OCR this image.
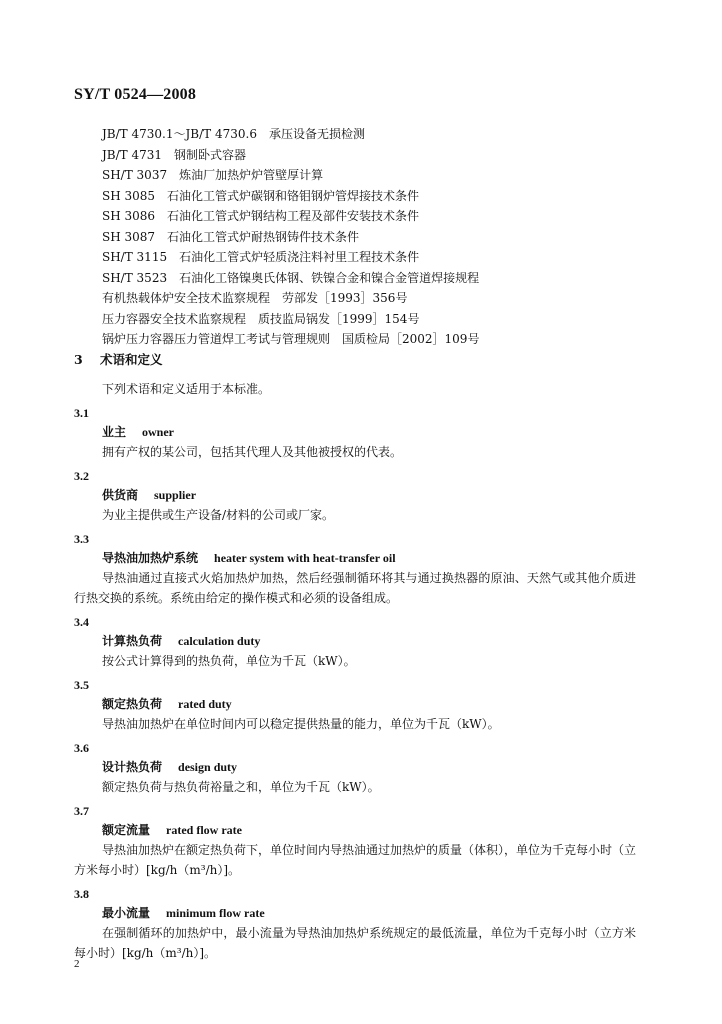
SY/T 0524—2008
JB/T 4730.1～JB/T 4730.6　承压设备无损检测
JB/T 4731　钢制卧式容器
SH/T 3037　炼油厂加热炉炉管壁厚计算
SH 3085　石油化工管式炉碳钢和铬钼钢炉管焊接技术条件
SH 3086　石油化工管式炉钢结构工程及部件安装技术条件
SH 3087　石油化工管式炉耐热钢铸件技术条件
SH/T 3115　石油化工管式炉轻质浇注料衬里工程技术条件
SH/T 3523　石油化工铬镍奥氏体钢、铁镍合金和镍合金管道焊接规程
有机热载体炉安全技术监察规程　劳部发［1993］356号
压力容器安全技术监察规程　质技监局锅发［1999］154号
锅炉压力容器压力管道焊工考试与管理规则　国质检局［2002］109号
3 术语和定义
下列术语和定义适用于本标准。
3.1
业主 owner
拥有产权的某公司，包括其代理人及其他被授权的代表。
3.2
供货商 supplier
为业主提供或生产设备/材料的公司或厂家。
3.3
导热油加热炉系统 heater system with heat-transfer oil
导热油通过直接式火焰加热炉加热，然后经强制循环将其与通过换热器的原油、天然气或其他介质进行热交换的系统。系统由给定的操作模式和必须的设备组成。
3.4
计算热负荷 calculation duty
按公式计算得到的热负荷，单位为千瓦（kW）。
3.5
额定热负荷 rated duty
导热油加热炉在单位时间内可以稳定提供热量的能力，单位为千瓦（kW）。
3.6
设计热负荷 design duty
额定热负荷与热负荷裕量之和，单位为千瓦（kW）。
3.7
额定流量 rated flow rate
导热油加热炉在额定热负荷下，单位时间内导热油通过加热炉的质量（体积），单位为千克每小时（立方米每小时）[kg/h（m³/h）]。
3.8
最小流量 minimum flow rate
在强制循环的加热炉中，最小流量为导热油加热炉系统规定的最低流量，单位为千克每小时（立方米每小时）[kg/h（m³/h）]。
2
